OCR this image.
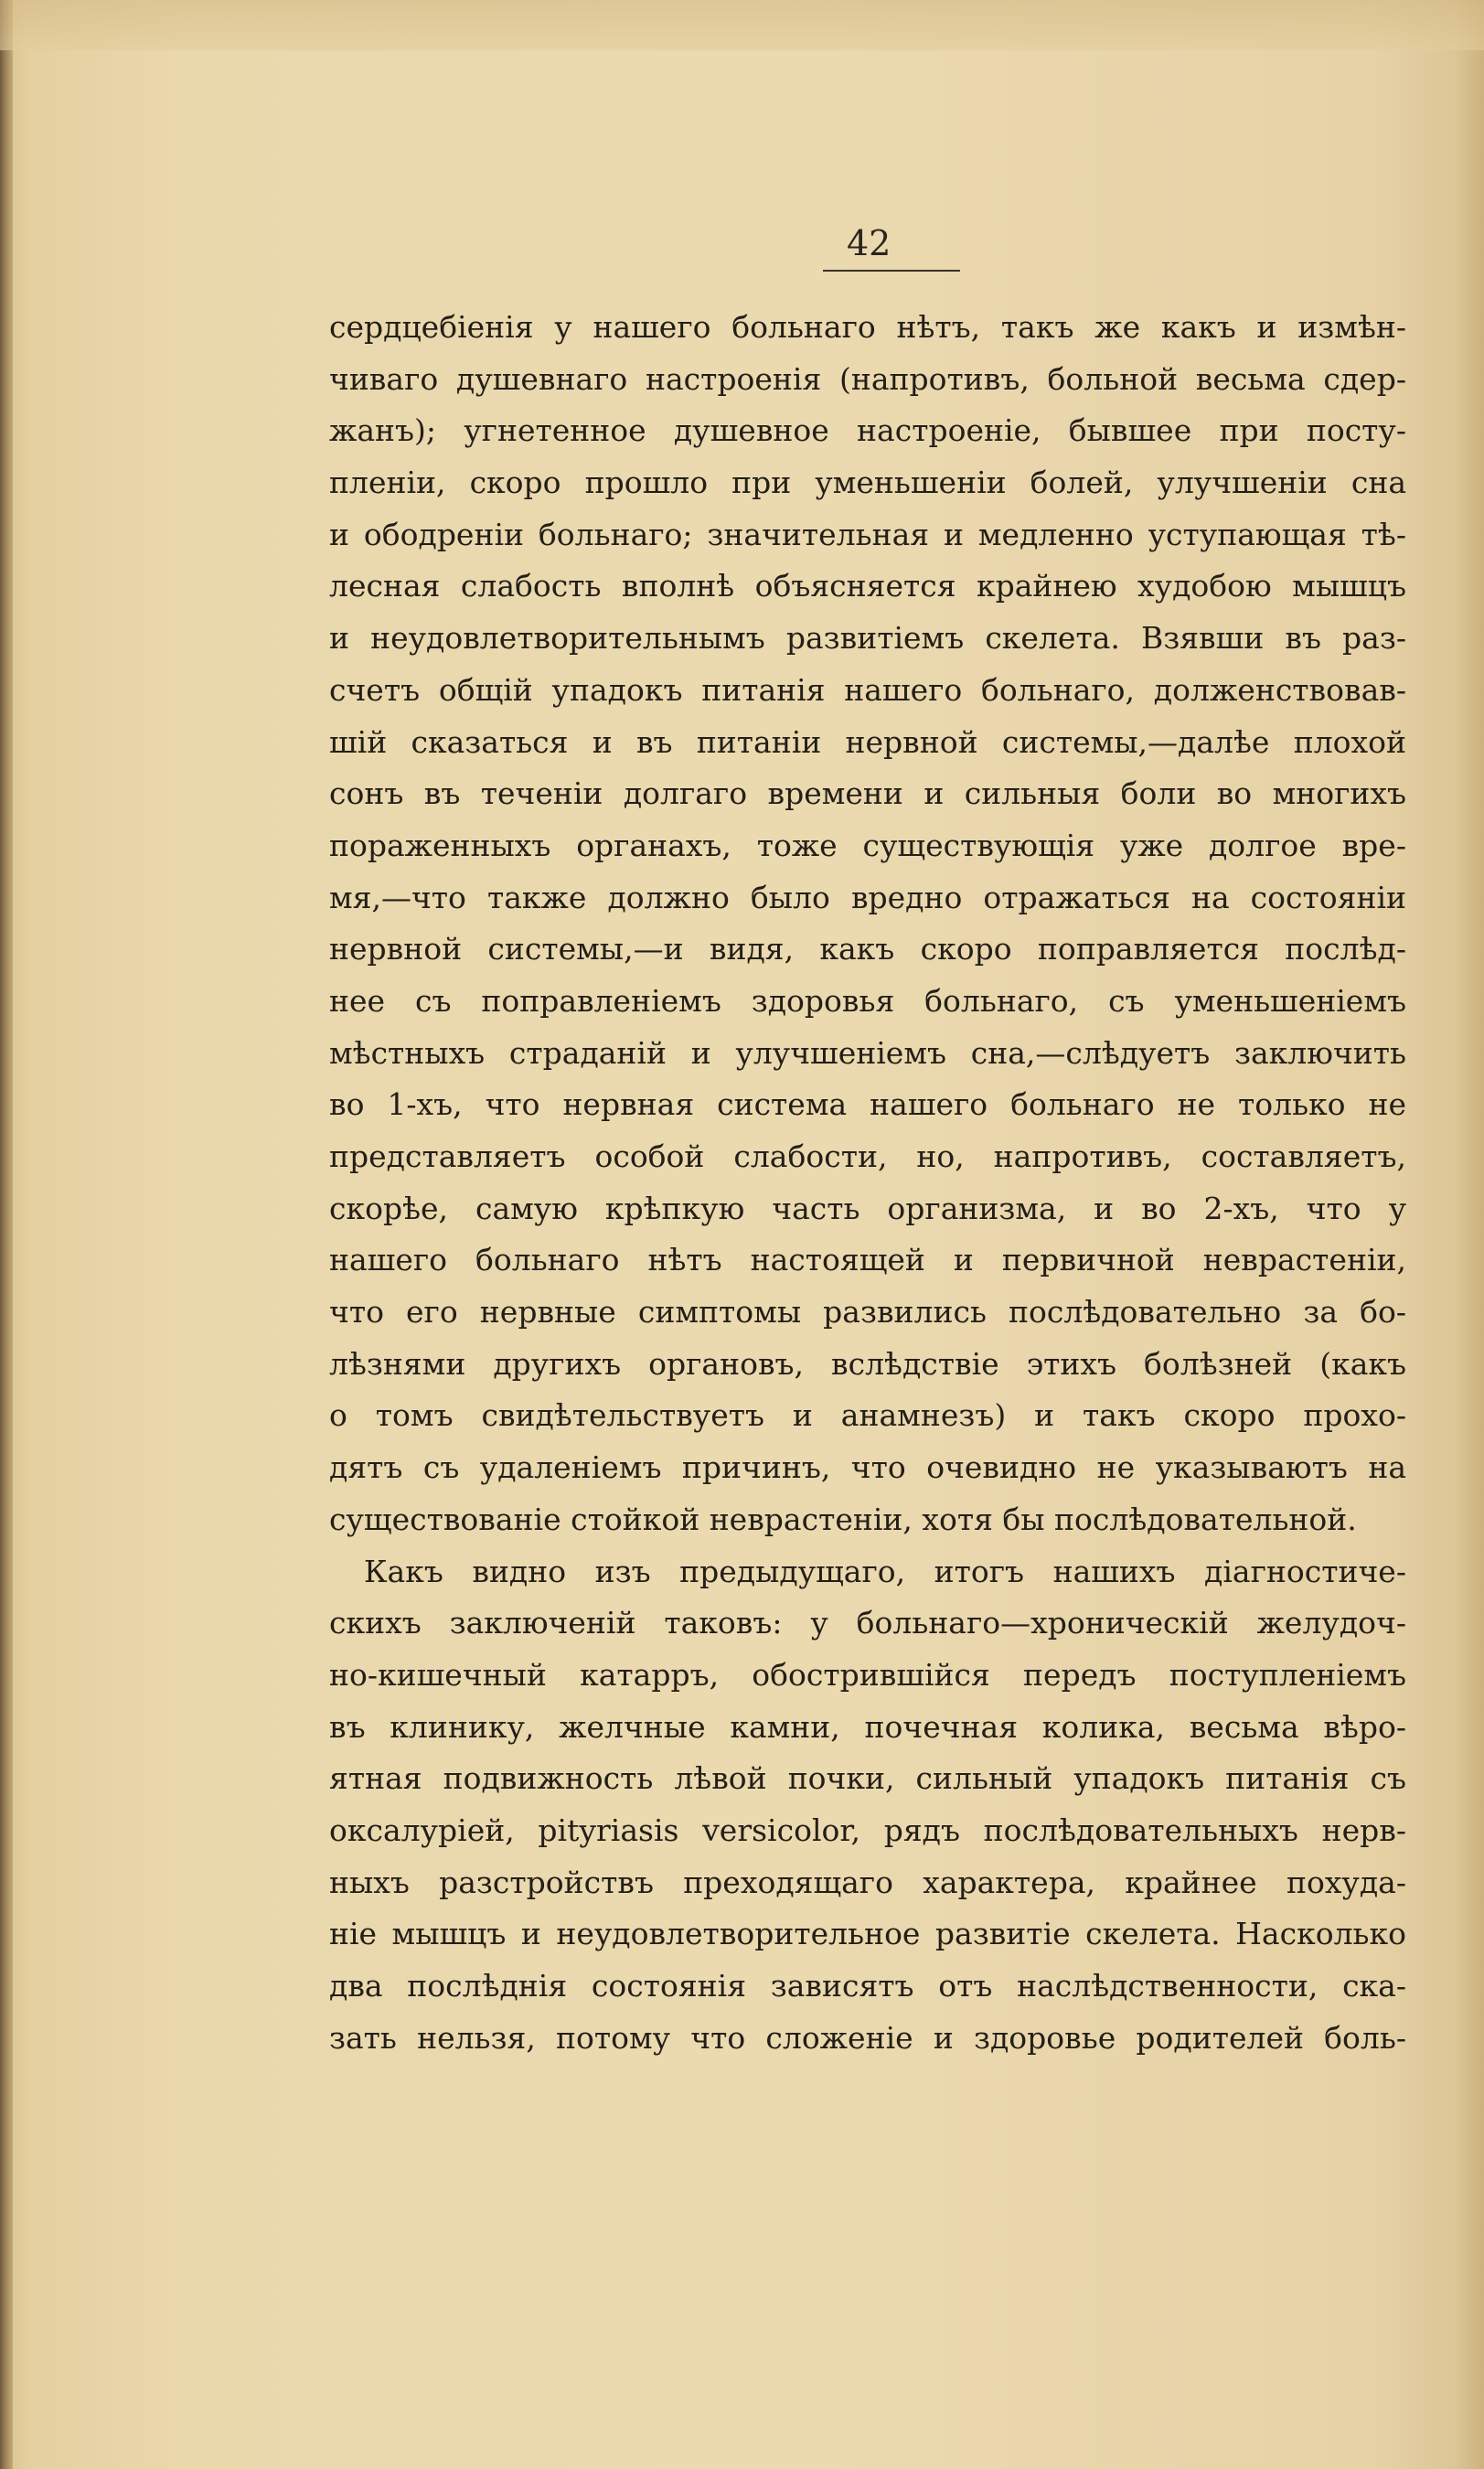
42
сердцебіенія у нашего больнаго нѣтъ, такъ же какъ и измѣн-
чиваго душевнаго настроенія (напротивъ, больной весьма сдер-
жанъ); угнетенное душевное настроеніе, бывшее при посту-
пленіи, скоро прошло при уменьшеніи болей, улучшеніи сна
и ободреніи больнаго; значительная и медленно уступающая тѣ-
лесная слабость вполнѣ объясняется крайнею худобою мышцъ
и неудовлетворительнымъ развитіемъ скелета. Взявши въ раз-
счетъ общій упадокъ питанія нашего больнаго, долженствовав-
шій сказаться и въ питаніи нервной системы,—далѣе плохой
сонъ въ теченіи долгаго времени и сильныя боли во многихъ
пораженныхъ органахъ, тоже существующія уже долгое вре-
мя,—что также должно было вредно отражаться на состояніи
нервной системы,—и видя, какъ скоро поправляется послѣд-
нее съ поправленіемъ здоровья больнаго, съ уменьшеніемъ
мѣстныхъ страданій и улучшеніемъ сна,—слѣдуетъ заключить
во 1-хъ, что нервная система нашего больнаго не только не
представляетъ особой слабости, но, напротивъ, составляетъ,
скорѣе, самую крѣпкую часть организма, и во 2-хъ, что у
нашего больнаго нѣтъ настоящей и первичной неврастеніи,
что его нервные симптомы развились послѣдовательно за бо-
лѣзнями другихъ органовъ, вслѣдствіе этихъ болѣзней (какъ
о томъ свидѣтельствуетъ и анамнезъ) и такъ скоро прохо-
дятъ съ удаленіемъ причинъ, что очевидно не указываютъ на
существованіе стойкой неврастеніи, хотя бы послѣдовательной.
Какъ видно изъ предыдущаго, итогъ нашихъ діагностиче-
скихъ заключеній таковъ: у больнаго—хроническій желудоч-
но-кишечный катарръ, обострившійся передъ поступленіемъ
въ клинику, желчные камни, почечная колика, весьма вѣро-
ятная подвижность лѣвой почки, сильный упадокъ питанія съ
оксалуріей, pityriasis versicolor, рядъ послѣдовательныхъ нерв-
ныхъ разстройствъ преходящаго характера, крайнее похуда-
ніе мышцъ и неудовлетворительное развитіе скелета. Насколько
два послѣднія состоянія зависятъ отъ наслѣдственности, ска-
зать нельзя, потому что сложеніе и здоровье родителей боль-
